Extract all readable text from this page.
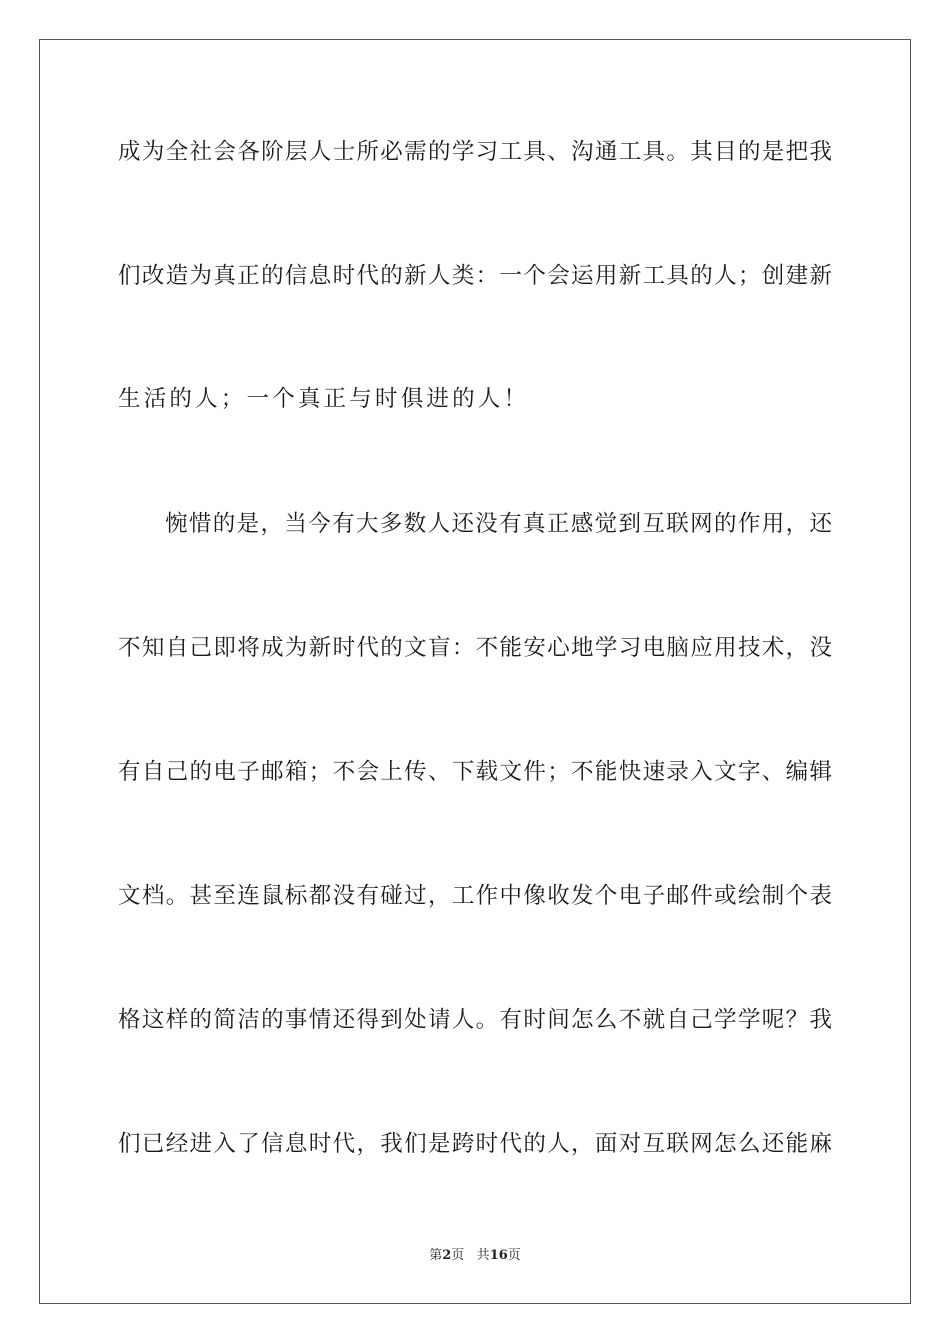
成为全社会各阶层人士所必需的学习工具、沟通工具。其目的是把我
们改造为真正的信息时代的新人类：一个会运用新工具的人；创建新
生活的人；一个真正与时俱进的人！
惋惜的是，当今有大多数人还没有真正感觉到互联网的作用，还
不知自己即将成为新时代的文盲：不能安心地学习电脑应用技术，没
有自己的电子邮箱；不会上传、下载文件；不能快速录入文字、编辑
文档。甚至连鼠标都没有碰过，工作中像收发个电子邮件或绘制个表
格这样的简洁的事情还得到处请人。有时间怎么不就自己学学呢？我
们已经进入了信息时代，我们是跨时代的人，面对互联网怎么还能麻
第2页 共16页
